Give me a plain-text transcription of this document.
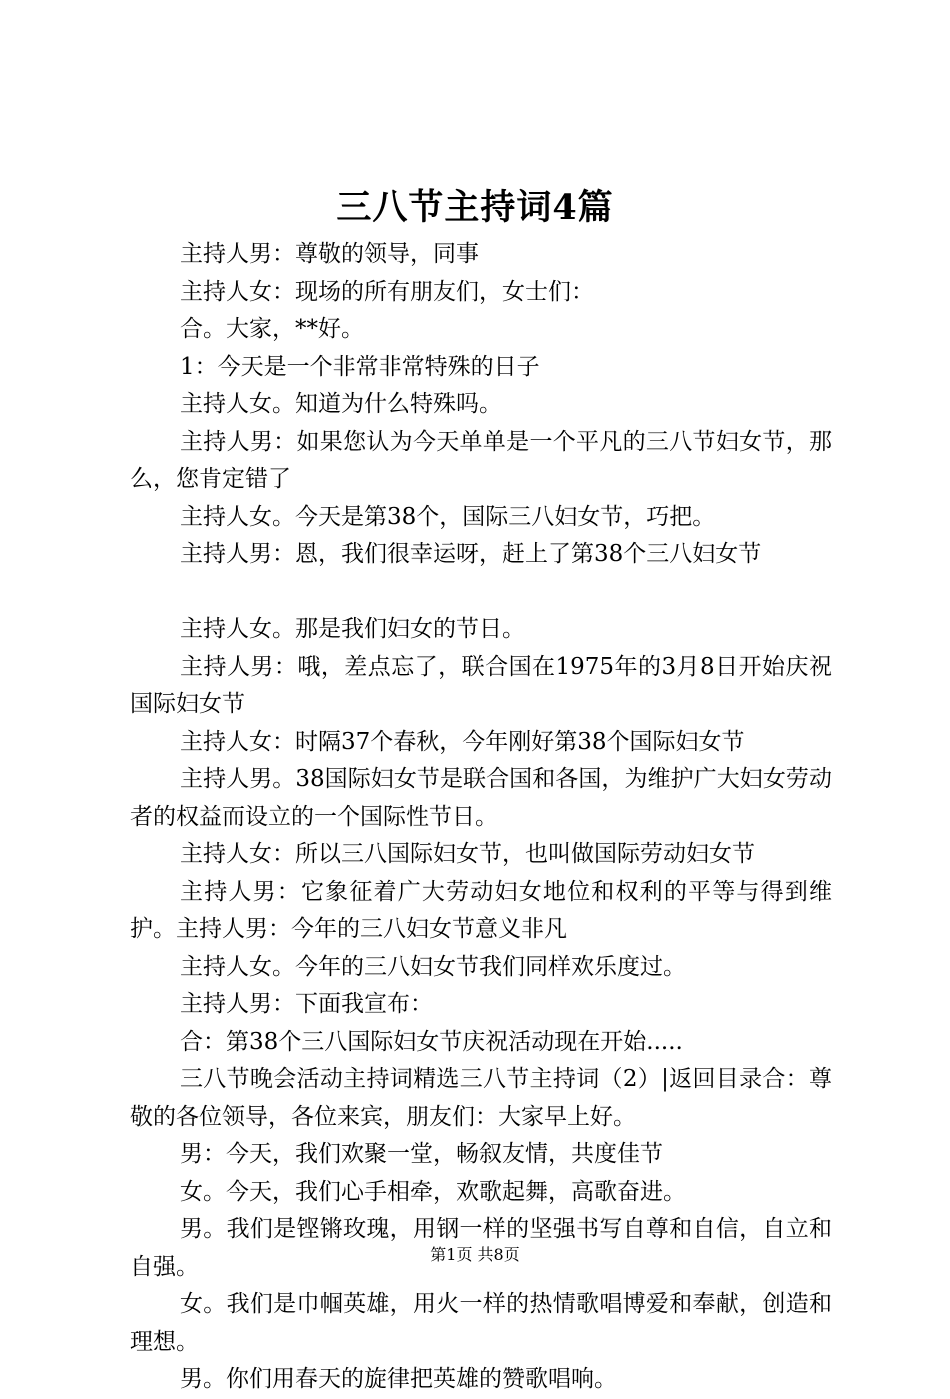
三八节主持词4篇

主持人男：尊敬的领导，同事

主持人女：现场的所有朋友们，女士们：

合。大家，**好。

1：今天是一个非常非常特殊的日子

主持人女。知道为什么特殊吗。

主持人男：如果您认为今天单单是一个平凡的三八节妇女节，那么，您肯定错了

主持人女。今天是第38个，国际三八妇女节，巧把。

主持人男：恩，我们很幸运呀，赶上了第38个三八妇女节

主持人女。那是我们妇女的节日。

主持人男：哦，差点忘了，联合国在1975年的3月8日开始庆祝国际妇女节

主持人女：时隔37个春秋，今年刚好第38个国际妇女节

主持人男。38国际妇女节是联合国和各国，为维护广大妇女劳动者的权益而设立的一个国际性节日。

主持人女：所以三八国际妇女节，也叫做国际劳动妇女节

主持人男：它象征着广大劳动妇女地位和权利的平等与得到维护。主持人男：今年的三八妇女节意义非凡

主持人女。今年的三八妇女节我们同样欢乐度过。

主持人男：下面我宣布：

合：第38个三八国际妇女节庆祝活动现在开始.....

三八节晚会活动主持词精选三八节主持词（2）|返回目录合：尊敬的各位领导，各位来宾，朋友们：大家早上好。

男：今天，我们欢聚一堂，畅叙友情，共度佳节

女。今天，我们心手相牵，欢歌起舞，高歌奋进。

男。我们是铿锵玫瑰，用钢一样的坚强书写自尊和自信，自立和自强。

女。我们是巾帼英雄，用火一样的热情歌唱博爱和奉献，创造和理想。

男。你们用春天的旋律把英雄的赞歌唱响。

第1页 共8页
